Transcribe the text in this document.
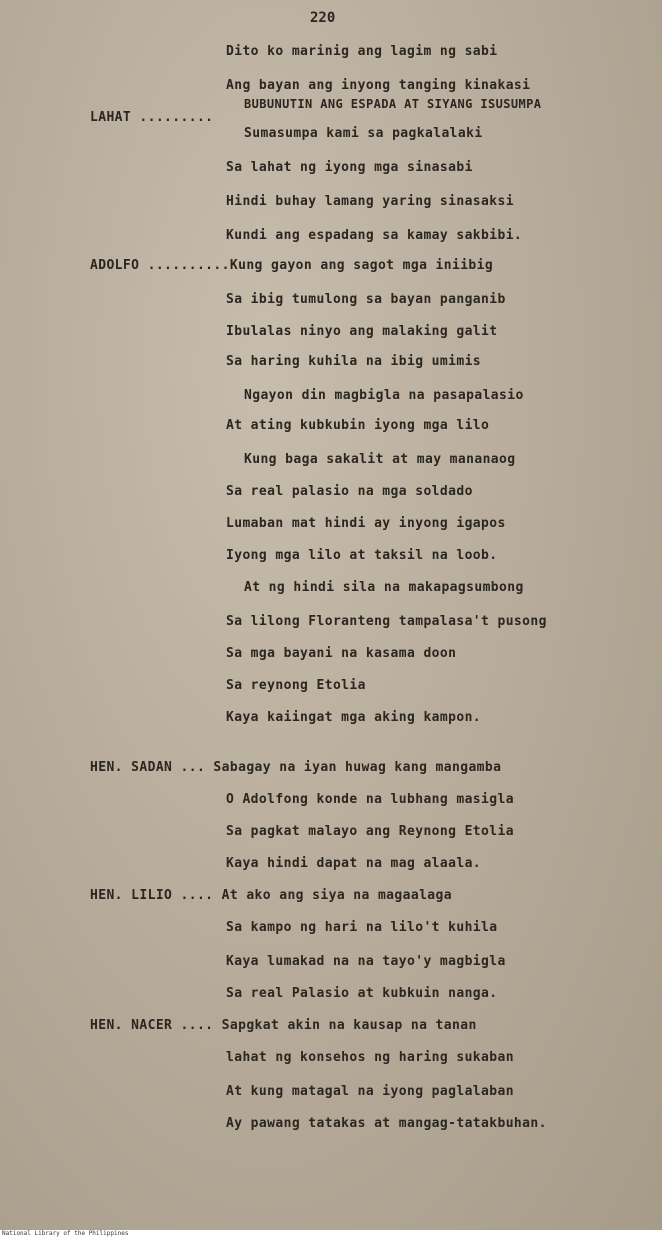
220
Dito ko marinig ang lagim ng sabi
Ang bayan ang inyong tanging kinakasi
BUBUNUTIN ANG ESPADA AT SIYANG ISUSUMPA
LAHAT .........
Sumasumpa kami sa pagkalalaki
Sa lahat ng iyong mga sinasabi
Hindi buhay lamang yaring sinasaksi
Kundi ang espadang sa kamay sakbibi.
ADOLFO ..........Kung gayon ang sagot mga iniibig
Sa ibig tumulong sa bayan panganib
Ibulalas ninyo ang malaking galit
Sa haring kuhila na ibig umimis
Ngayon din magbigla na pasapalasio
At ating kubkubin iyong mga lilo
Kung baga sakalit at may mananaog
Sa real palasio na mga soldado
Lumaban mat hindi ay inyong igapos
Iyong mga lilo at taksil na loob.
At ng hindi sila na makapagsumbong
Sa lilong Floranteng tampalasa't pusong
Sa mga bayani na kasama doon
Sa reynong Etolia
Kaya kaiingat mga aking kampon.
HEN. SADAN ... Sabagay na iyan huwag kang mangamba
O Adolfong konde na lubhang masigla
Sa pagkat malayo ang Reynong Etolia
Kaya hindi dapat na mag alaala.
HEN. LILIO .... At ako ang siya na magaalaga
Sa kampo ng hari na lilo't kuhila
Kaya lumakad na na tayo'y magbigla
Sa real Palasio at kubkuin nanga.
HEN. NACER .... Sapgkat akin na kausap na tanan
lahat ng konsehos ng haring sukaban
At kung matagal na iyong paglalaban
Ay pawang tatakas at mangag-tatakbuhan.
National Library of the Philippines
